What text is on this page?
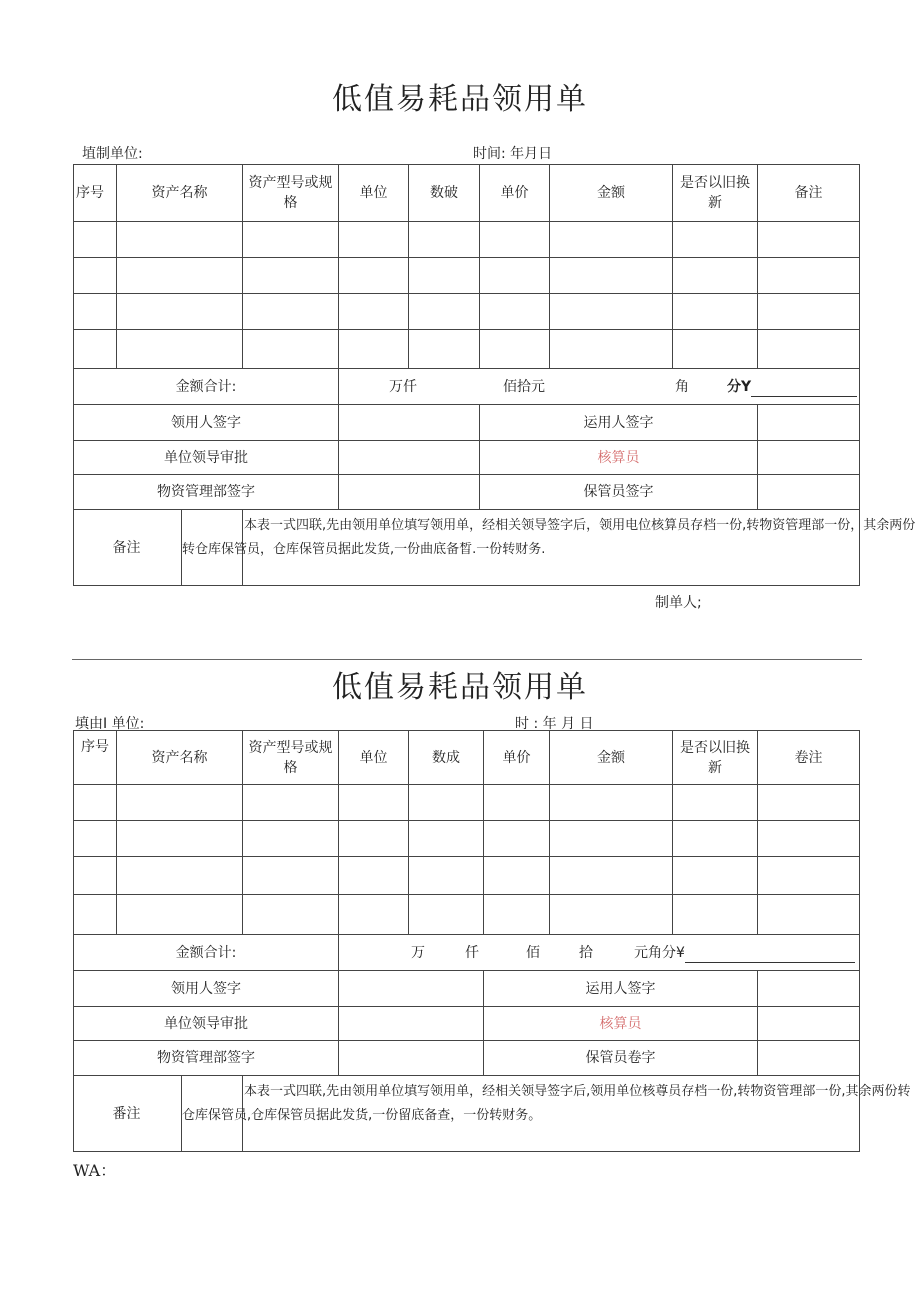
低值易耗品领用单
埴制单位:	时间: 年月日
序号	资产名称	资产型号或规格	单位	数破	单价	金额	是否以旧换新	备注

金额合计:			万仟 佰拾元 角 分Y					

领用人签字					运用人签字			
单位领导审批					核算员			
物资管理部签字					保管员签字			

	备注	本表一式四联,先由领用单位填写领用单，经相关领导签字后，领用电位核算员存档一份,转物资管理部一份，其余两份转仓库保管员，仓库保管员据此发货,一份曲底备晳.一份转财务.						
制单人;
低值易耗品领用单
填由I 单位:	时 : 年 月 日
序号	资产名称	资产型号或规格	单位	数成	单价	金额	是否以旧换新	卷注

金额合计:			万 仟 佰 拾 元角分¥					

领用人签字					运用人签字			
单位领导审批					核算员			
物资管理部签字					保管员卷字			

	番注	本表一式四联,先由领用单位填写领用单，经相关领导签字后,领用单位核尊员存档一份,转物资管理部一份,其余两份转仓库保管员,仓库保管员据此发货,一份留底备查，一份转财务。						
WA：
